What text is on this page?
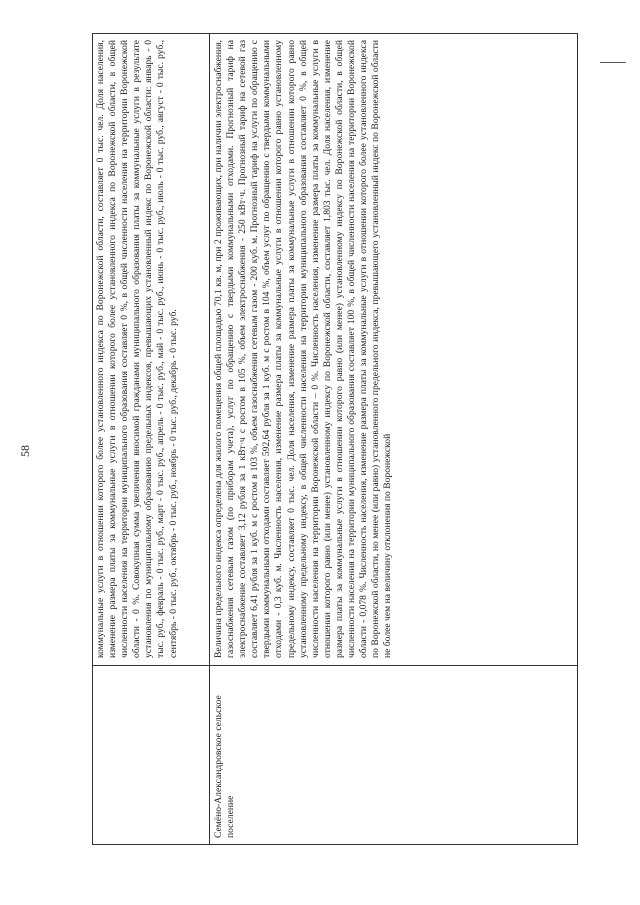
58	коммунальные услуги в отношении которого более установленного индекса по Воронежской области, составляет 0 тыс. чел. Доля населения, изменение размера платы за коммунальные услуги в отношении которого более установленного индекса по Воронежской области, в общей численности населения на территории муниципального образования составляет 0 %, в общей численности населения на территории Воронежской области - 0 %. Совокупная сумма увеличения вносимой гражданами муниципального образования платы за коммунальные услуги в результате установления по муниципальному образованию предельных индексов, превышающих установленный индекс по Воронежской области: январь - 0 тыс. руб., февраль - 0 тыс. руб., март - 0 тыс. руб., апрель - 0 тыс. руб., май - 0 тыс. руб., июнь - 0 тыс. руб., июль - 0 тыс. руб., август - 0 тыс. руб., сентябрь - 0 тыс. руб., октябрь - 0 тыс. руб., ноябрь - 0 тыс. руб., декабрь - 0 тыс. руб.
Семёно-Александровское сельское поселение
Величина предельного индекса определена для жилого помещения общей площадью 70,1 кв. м, при 2 проживающих, при наличии электроснабжения, газоснабжения сетевым газом (по приборам учета), услуг по обращению с твердыми коммунальными отходами. Прогнозный тариф на электроснабжение составляет 3,12 рубля за 1 кВт·ч с ростом в 105 %, объем электроснабжения - 250 кВт·ч. Прогнозный тариф на сетевой газ составляет 6,41 рубля за 1 куб. м с ростом в 103 %, объем газоснабжения сетевым газом - 200 куб. м. Прогнозный тариф на услуги по обращению с твердыми коммунальными отходами составляет 592,64 рубля за 1 куб. м с ростом в 104 %, объем услуг по обращению с твердыми коммунальными отходами - 0,3 куб. м. Численность населения, изменение размера платы за коммунальные услуги в отношении которого равно установленному предельному индексу, составляет 0 тыс. чел. Доля населения, изменение размера платы за коммунальные услуги в отношении которого равно установленному предельному индексу, в общей численности населения на территории муниципального образования составляет 0 %, в общей численности населения на территории Воронежской области – 0 %. Численность населения, изменение размера платы за коммунальные услуги в отношении которого равно (или менее) установленному индексу по Воронежской области, составляет 1,803 тыс. чел. Доля населения, изменение размера платы за коммунальные услуги в отношении которого равно (или менее) установленному индексу по Воронежской области, в общей численности населения на территории муниципального образования составляет 100 %, в общей численности населения на территории Воронежской области - 0,078 %. Численность населения, изменение размера платы за коммунальные услуги в отношении которого более установленного индекса по Воронежской области, но менее (или равно) установленного предельного индекса, превышающего установленный индекс по Воронежской области не более чем на величину отклонения по Воронежской
